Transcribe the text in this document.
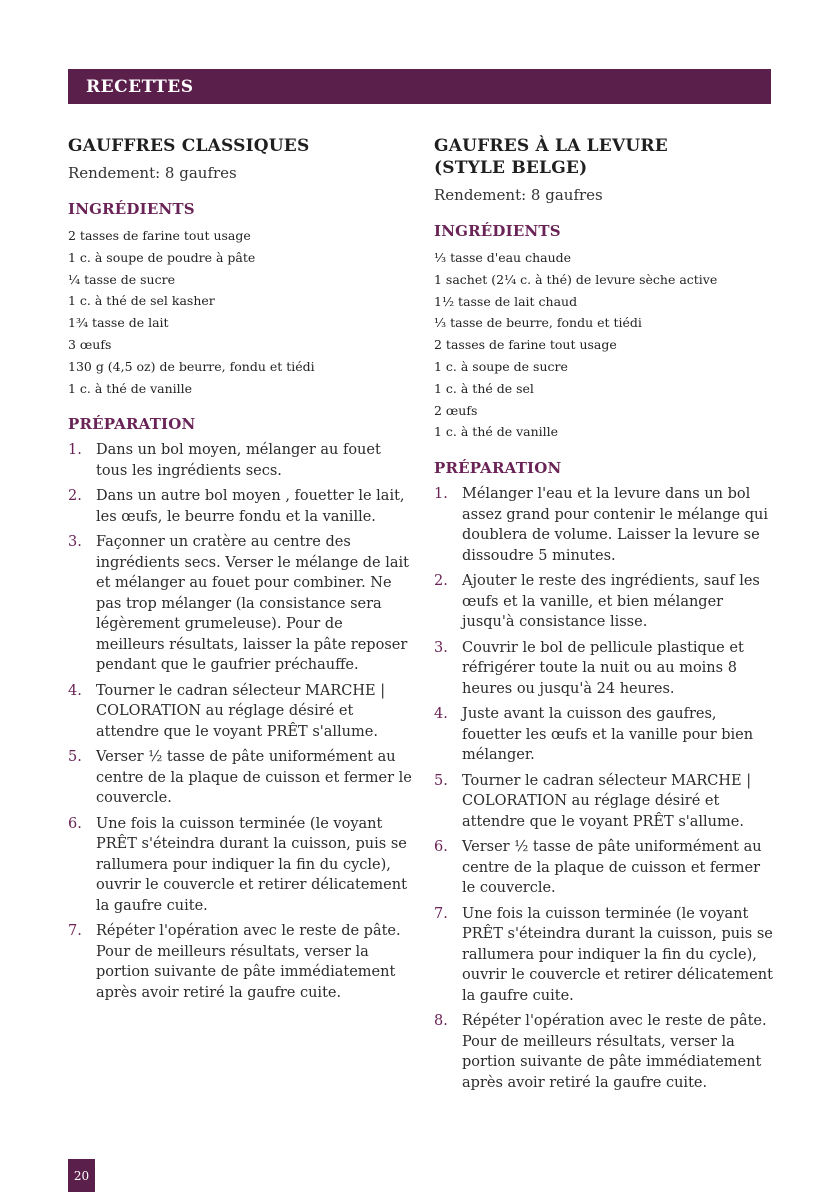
RECETTES
GAUFFRES CLASSIQUES

Rendement: 8 gaufres

INGRÉDIENTS
2 tasses de farine tout usage
1 c. à soupe de poudre à pâte
¼ tasse de sucre
1 c. à thé de sel kasher
1¾ tasse de lait
3 œufs
130 g (4,5 oz) de beurre, fondu et tiédi
1 c. à thé de vanille
PRÉPARATION
1. Dans un bol moyen, mélanger au fouet tous les ingrédients secs.
2. Dans un autre bol moyen , fouetter le lait, les œufs, le beurre fondu et la vanille.
3. Façonner un cratère au centre des ingrédients secs. Verser le mélange de lait et mélanger au fouet pour combiner. Ne pas trop mélanger (la consistance sera légèrement grumeleuse). Pour de meilleurs résultats, laisser la pâte reposer pendant que le gaufrier préchauffe.
4. Tourner le cadran sélecteur MARCHE | COLORATION au réglage désiré et attendre que le voyant PRÊT s'allume.
5. Verser ½ tasse de pâte uniformément au centre de la plaque de cuisson et fermer le couvercle.
6. Une fois la cuisson terminée (le voyant PRÊT s'éteindra durant la cuisson, puis se rallumera pour indiquer la fin du cycle), ouvrir le couvercle et retirer délicatement la gaufre cuite.
7. Répéter l'opération avec le reste de pâte. Pour de meilleurs résultats, verser la portion suivante de pâte immédiatement après avoir retiré la gaufre cuite.
GAUFRES À LA LEVURE
(STYLE BELGE)

Rendement: 8 gaufres

INGRÉDIENTS
⅓ tasse d'eau chaude
1 sachet (2¼ c. à thé) de levure sèche active
1½ tasse de lait chaud
⅓ tasse de beurre, fondu et tiédi
2 tasses de farine tout usage
1 c. à soupe de sucre
1 c. à thé de sel
2 œufs
1 c. à thé de vanille
PRÉPARATION
1. Mélanger l'eau et la levure dans un bol assez grand pour contenir le mélange qui doublera de volume. Laisser la levure se dissoudre 5 minutes.
2. Ajouter le reste des ingrédients, sauf les œufs et la vanille, et bien mélanger jusqu'à consistance lisse.
3. Couvrir le bol de pellicule plastique et réfrigérer toute la nuit ou au moins 8 heures ou jusqu'à 24 heures.
4. Juste avant la cuisson des gaufres, fouetter les œufs et la vanille pour bien mélanger.
5. Tourner le cadran sélecteur MARCHE | COLORATION au réglage désiré et attendre que le voyant PRÊT s'allume.
6. Verser ½ tasse de pâte uniformément au centre de la plaque de cuisson et fermer le couvercle.
7. Une fois la cuisson terminée (le voyant PRÊT s'éteindra durant la cuisson, puis se rallumera pour indiquer la fin du cycle), ouvrir le couvercle et retirer délicatement la gaufre cuite.
8. Répéter l'opération avec le reste de pâte. Pour de meilleurs résultats, verser la portion suivante de pâte immédiatement après avoir retiré la gaufre cuite.
20
